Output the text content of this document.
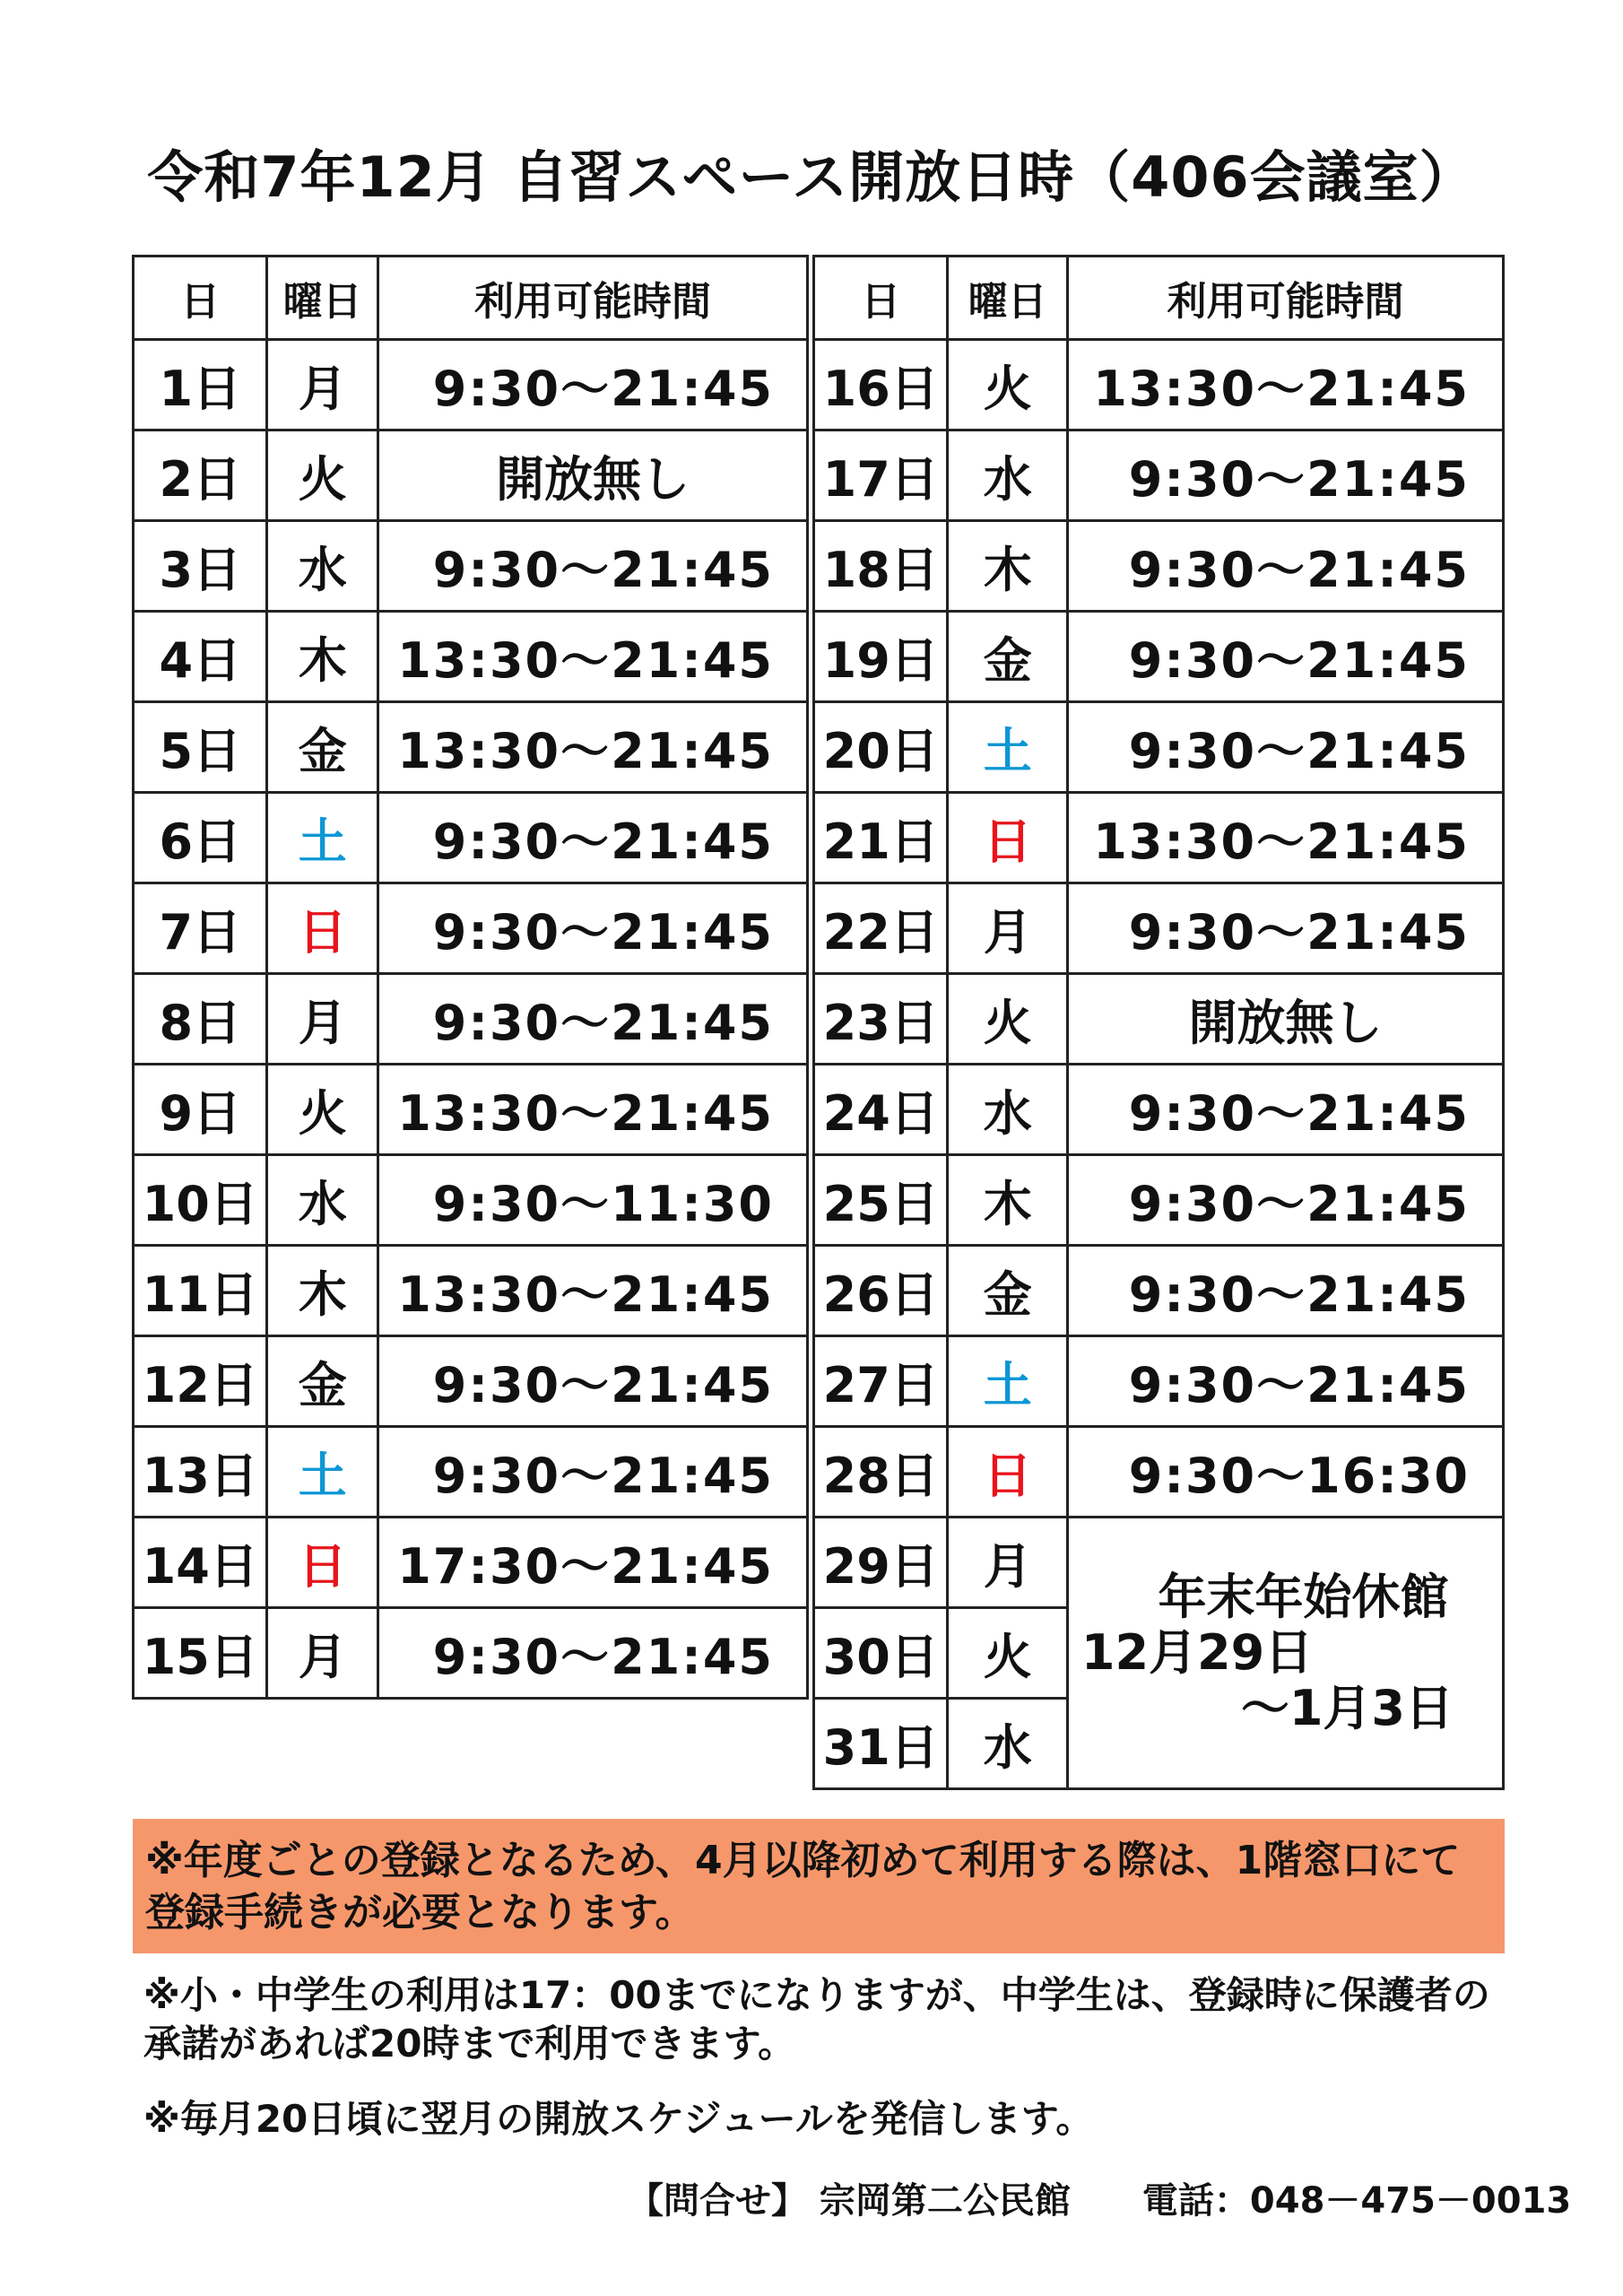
令和7年12月 自習スペース開放日時（406会議室）
日	曜日	利用可能時間
1日	月	9:30～21:45
2日	火	開放無し
3日	水	9:30～21:45
4日	木	13:30～21:45
5日	金	13:30～21:45
6日	土	9:30～21:45
7日	日	9:30～21:45
8日	月	9:30～21:45
9日	火	13:30～21:45
10日	水	9:30～11:30
11日	木	13:30～21:45
12日	金	9:30～21:45
13日	土	9:30～21:45
14日	日	17:30～21:45
15日	月	9:30～21:45
日	曜日	利用可能時間
16日	火	13:30～21:45
17日	水	9:30～21:45
18日	木	9:30～21:45
19日	金	9:30～21:45
20日	土	9:30～21:45
21日	日	13:30～21:45
22日	月	9:30～21:45
23日	火	開放無し
24日	水	9:30～21:45
25日	木	9:30～21:45
26日	金	9:30～21:45
27日	土	9:30～21:45
28日	日	9:30～16:30
29日	月	年末年始休館
12月29日
～1月3日

30日	火	
31日	水	
※年度ごとの登録となるため、4月以降初めて利用する際は、1階窓口にて登録手続きが必要となります。
※小・中学生の利用は17：00までになりますが、中学生は、登録時に保護者の承諾があれば20時まで利用できます。
※毎月20日頃に翌月の開放スケジュールを発信します。
【問合せ】 宗岡第二公民館　　電話：048－475－0013
